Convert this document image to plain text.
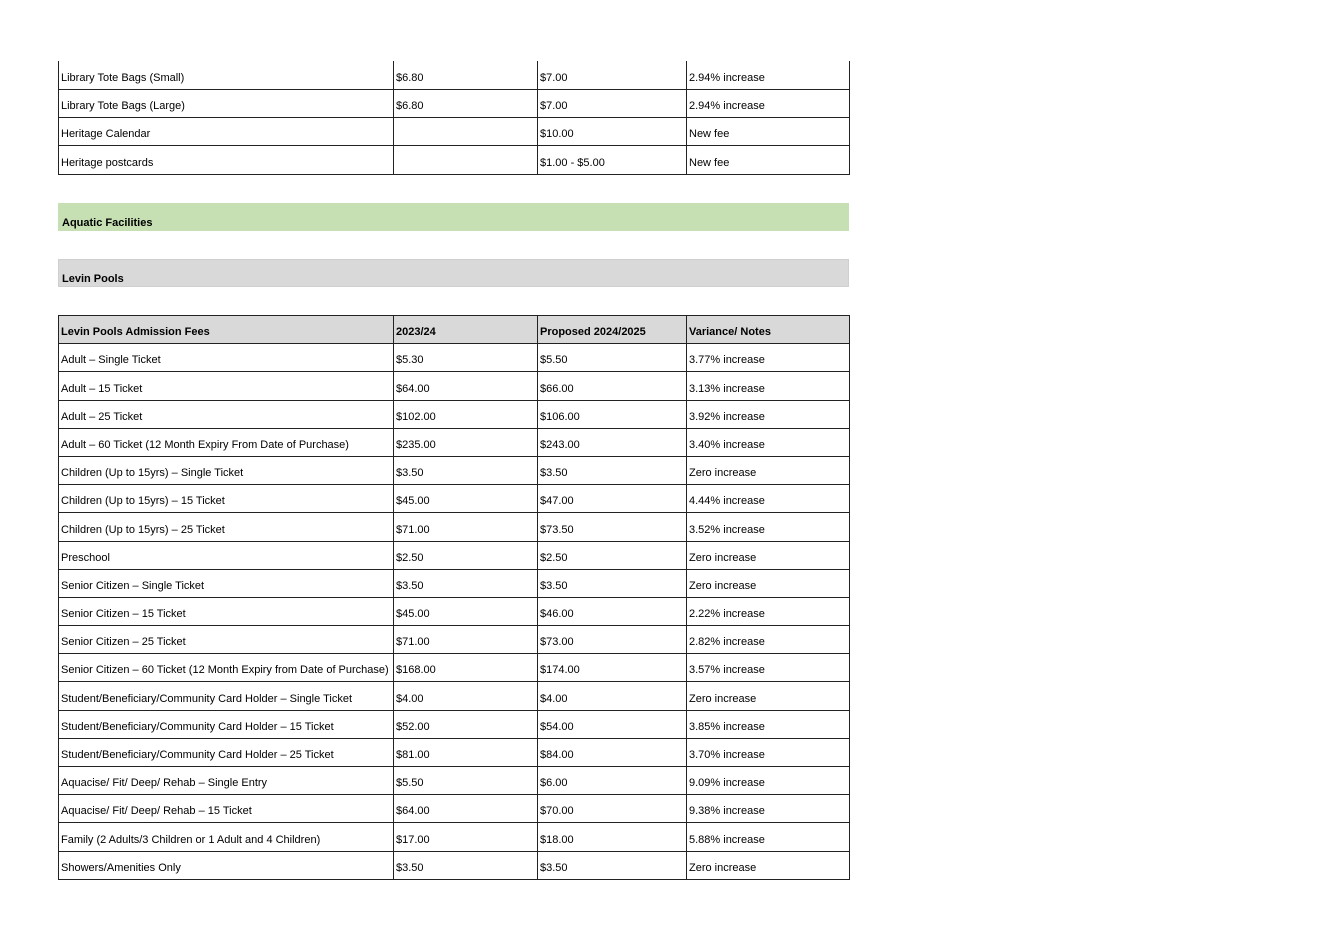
Library Tote Bags (Small)	$6.80	$7.00	2.94% increase
Library Tote Bags (Large)	$6.80	$7.00	2.94% increase
Heritage Calendar		$10.00	New fee
Heritage postcards		$1.00 - $5.00	New fee
Aquatic Facilities
Levin Pools
Levin Pools Admission Fees	2023/24	Proposed 2024/2025	Variance/ Notes
Adult – Single Ticket	$5.30	$5.50	3.77% increase
Adult – 15 Ticket	$64.00	$66.00	3.13% increase
Adult – 25 Ticket	$102.00	$106.00	3.92% increase
Adult – 60 Ticket (12 Month Expiry From Date of Purchase)	$235.00	$243.00	3.40% increase
Children (Up to 15yrs) – Single Ticket	$3.50	$3.50	Zero increase
Children (Up to 15yrs) – 15 Ticket	$45.00	$47.00	4.44% increase
Children (Up to 15yrs) – 25 Ticket	$71.00	$73.50	3.52% increase
Preschool	$2.50	$2.50	Zero increase
Senior Citizen – Single Ticket	$3.50	$3.50	Zero increase
Senior Citizen – 15 Ticket	$45.00	$46.00	2.22% increase
Senior Citizen – 25 Ticket	$71.00	$73.00	2.82% increase
Senior Citizen – 60 Ticket (12 Month Expiry from Date of Purchase)	$168.00	$174.00	3.57% increase
Student/Beneficiary/Community Card Holder – Single Ticket	$4.00	$4.00	Zero increase
Student/Beneficiary/Community Card Holder – 15 Ticket	$52.00	$54.00	3.85% increase
Student/Beneficiary/Community Card Holder – 25 Ticket	$81.00	$84.00	3.70% increase
Aquacise/ Fit/ Deep/ Rehab – Single Entry	$5.50	$6.00	9.09% increase
Aquacise/ Fit/ Deep/ Rehab – 15 Ticket	$64.00	$70.00	9.38% increase
Family (2 Adults/3 Children or 1 Adult and 4 Children)	$17.00	$18.00	5.88% increase
Showers/Amenities Only	$3.50	$3.50	Zero increase
